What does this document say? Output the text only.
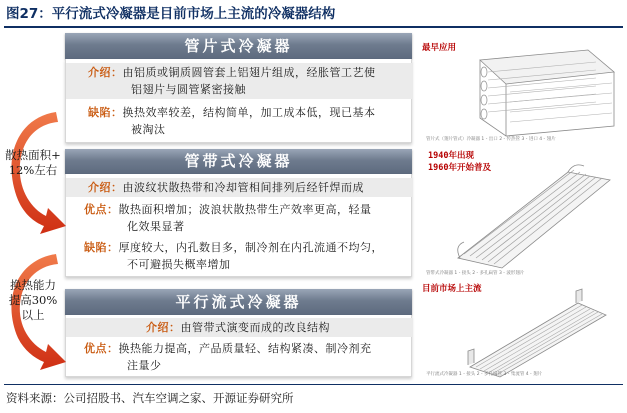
图27：平行流式冷凝器是目前市场上主流的冷凝器结构
管片式冷凝器

介绍：由铝质或铜质圆管套上铝翅片组成，经胀管工艺使

铝翅片与圆管紧密接触

缺陷：换热效率较差，结构简单，加工成本低，现已基本

被淘汰

管带式冷凝器

介绍：由波纹状散热带和冷却管相间排列后经钎焊而成

优点：散热面积增加；波浪状散热带生产效率更高，轻量

化效果显著

缺陷：厚度较大，内孔数目多，制冷剂在内孔流通不均匀，

不可避损失概率增加

平行流式冷凝器

介绍：由管带式演变而成的改良结构

优点：换热能力提高，产品质量轻、结构紧凑、制冷剂充

注量少

散热面积+
12%左右
换热能力
提高30%
以上
管片式（翅片管式）冷凝器 1 - 出口 2 - 传热管 3 - 进口 4 - 翅片
最早应用
管带式冷凝器 1 - 接头 2 - 多孔扁管 3 - 波形翅片
1940年出现
1960年开始普及
平行流式冷凝器 1 - 接头 2 - 多孔扁管 3 - 集流管 4 - 翅片
目前市场上主流
资料来源：公司招股书、汽车空调之家、开源证券研究所
